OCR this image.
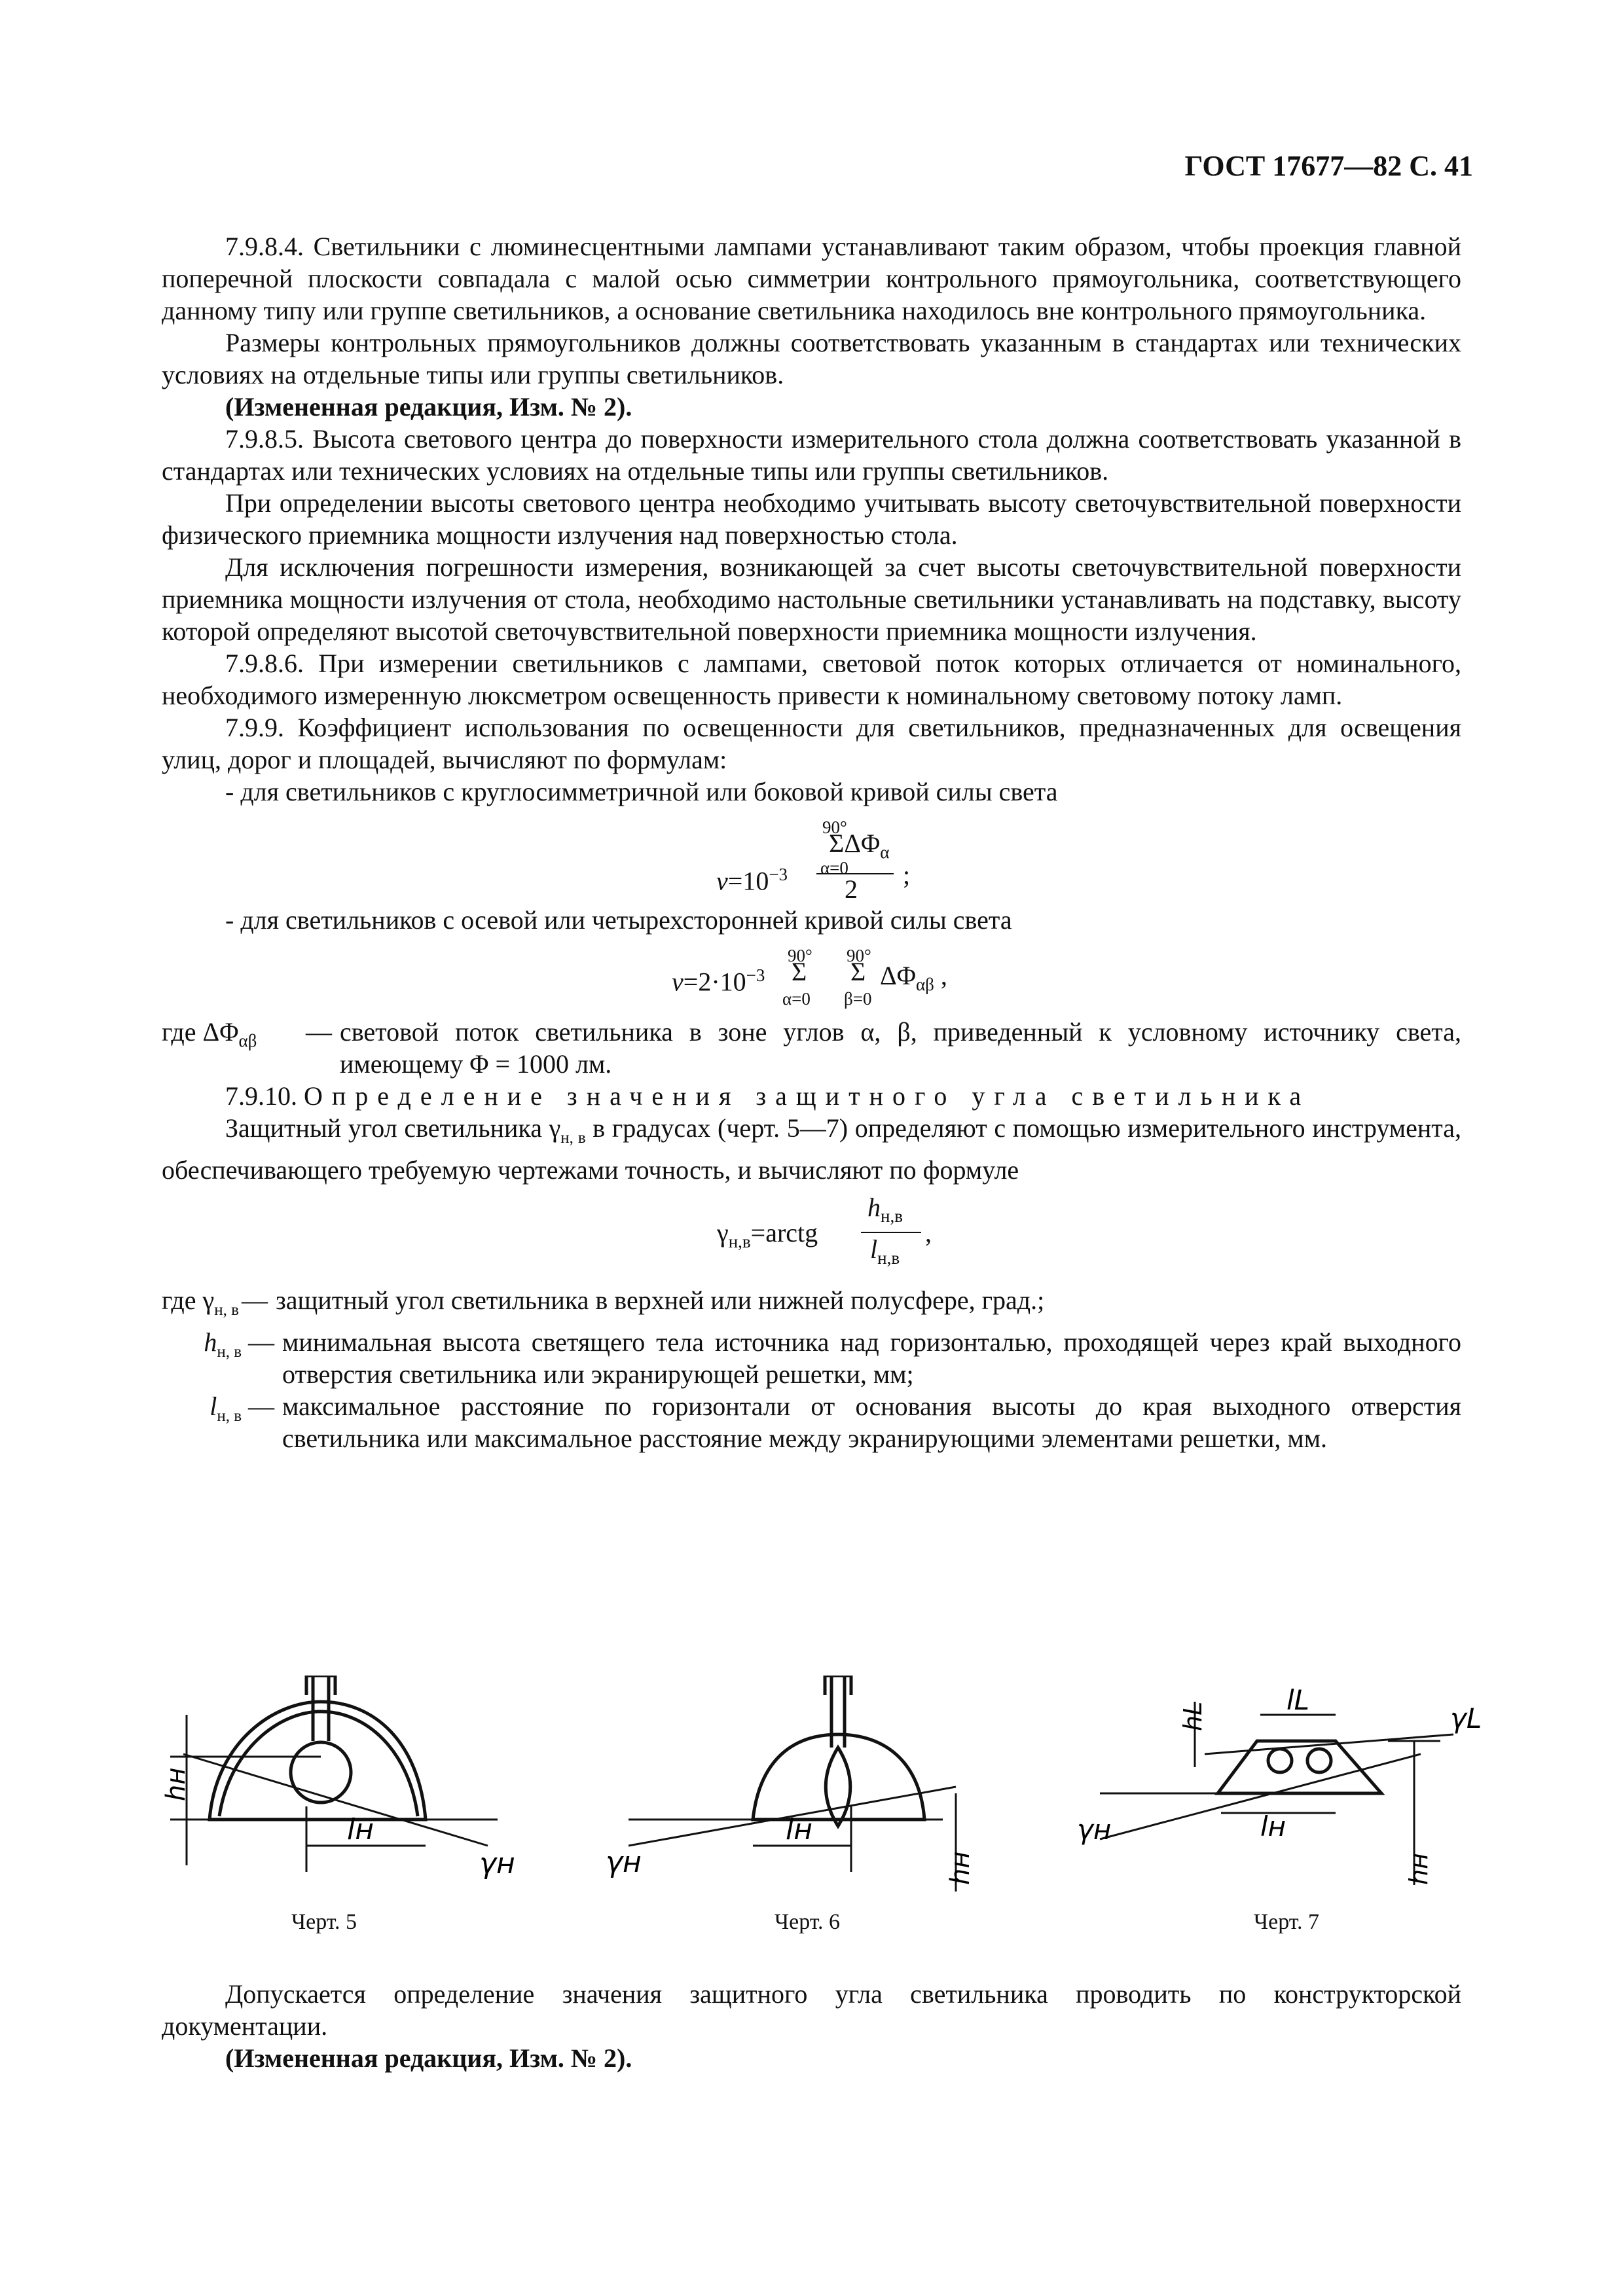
ГОСТ 17677—82 С. 41

7.9.8.4. Светильники с люминесцентными лампами устанавливают таким образом, чтобы проекция главной поперечной плоскости совпадала с малой осью симметрии контрольного прямоугольника, соответствующего данному типу или группе светильников, а основание светильника находилось вне контрольного прямоугольника.

Размеры контрольных прямоугольников должны соответствовать указанным в стандартах или технических условиях на отдельные типы или группы светильников.

(Измененная редакция, Изм. № 2).

7.9.8.5. Высота светового центра до поверхности измерительного стола должна соответствовать указанной в стандартах или технических условиях на отдельные типы или группы светильников.

При определении высоты светового центра необходимо учитывать высоту светочувствительной поверхности физического приемника мощности излучения над поверхностью стола.

Для исключения погрешности измерения, возникающей за счет высоты светочувствительной поверхности приемника мощности излучения от стола, необходимо настольные светильники устанавливать на подставку, высоту которой определяют высотой светочувствительной поверхности приемника мощности излучения.

7.9.8.6. При измерении светильников с лампами, световой поток которых отличается от номинального, необходимого измеренную люксметром освещенность привести к номинальному световому потоку ламп.

7.9.9. Коэффициент использования по освещенности для светильников, предназначенных для освещения улиц, дорог и площадей, вычисляют по формулам:

- для светильников с круглосимметричной или боковой кривой силы света

$v=10^{-3}$
90°
$\Sigma\Delta\Phi_\alpha$
α=0
2 ;

- для светильников с осевой или четырехсторонней кривой силы света

$v=2\cdot 10^{-3}$
90°
Σ
α=0
90°
Σ
β=0
$\Delta\Phi_{\alpha\beta}$ ,
где $\Delta\Phi_{\alpha\beta}$	— световой поток светильника в зоне углов α, β, приведенный к условному источнику света, имеющему Φ = 1000 лм.

7.9.10. Определение значения защитного угла светильника

Защитный угол светильника $\gamma_{н, в}$ в градусах (черт. 5—7) определяют с помощью измерительного инструмента, обеспечивающего требуемую чертежами точность, и вычисляют по формуле

$\gamma_{н,в}=arctg$
$h_{н,в}$
$l_{н,в}$
,
где $\gamma_{н, в}$ — защитный угол светильника в верхней или нижней полусфере, град.;
$h_{н, в}$ — минимальная высота светящего тела источника над горизонталью, проходящей через край выходного отверстия светильника или экранирующей решетки, мм;
$l_{н, в}$ — максимальное расстояние по горизонтали от основания высоты до края выходного отверстия светильника или максимальное расстояние между экранирующими элементами решетки, мм.
hн
lн
γн
Черт. 5
γн
lн
hн
Черт. 6
hL
lL
γL
γн	lн
hн
Черт. 7

Допускается определение значения защитного угла светильника проводить по конструкторской документации.

(Измененная редакция, Изм. № 2).
